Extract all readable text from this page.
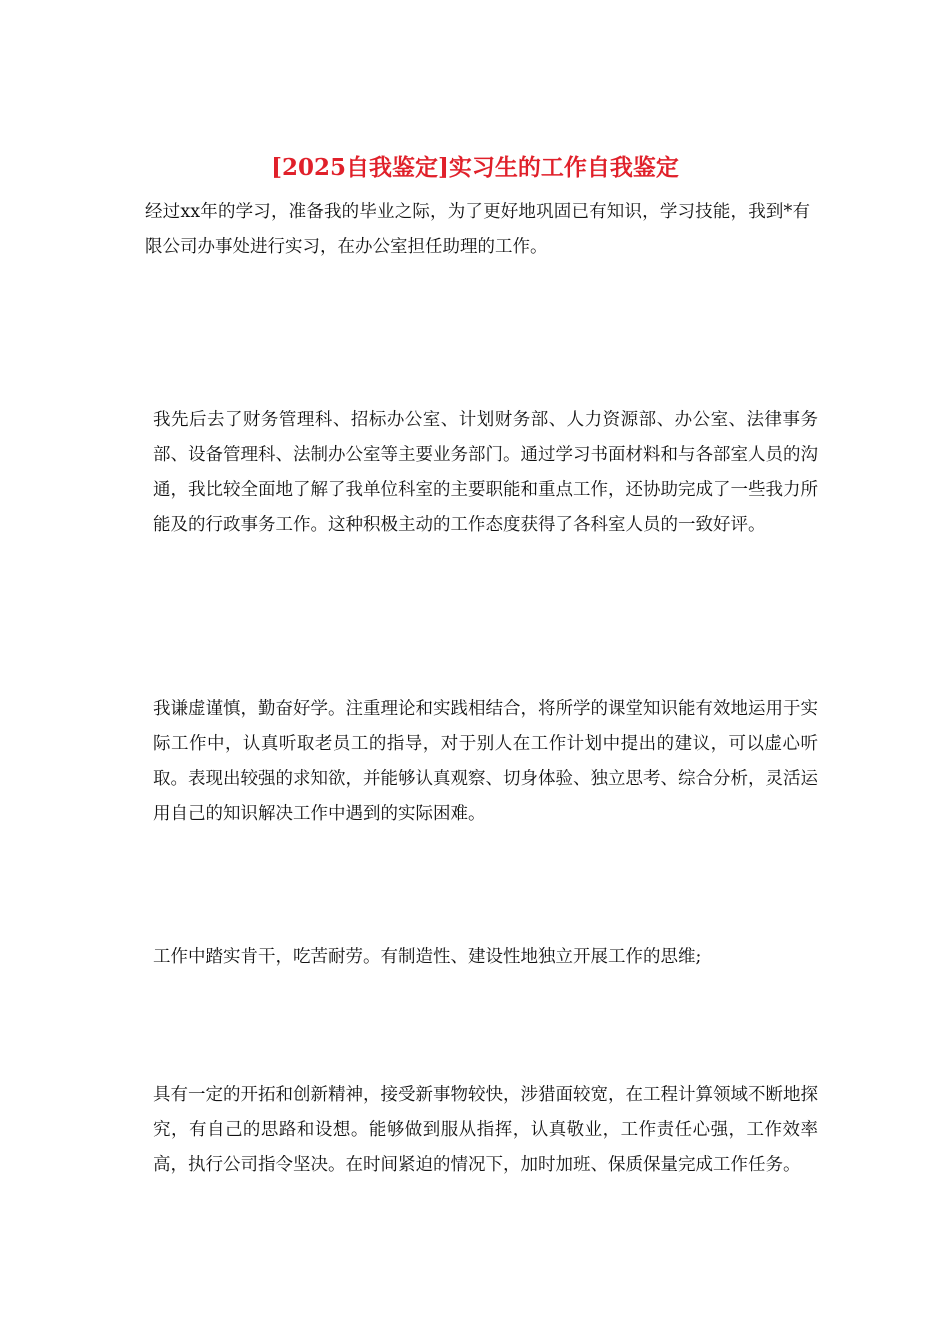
[2025自我鉴定]实习生的工作自我鉴定

经过xx年的学习，准备我的毕业之际，为了更好地巩固已有知识，学习技能，我到*有限公司办事处进行实习，在办公室担任助理的工作。

我先后去了财务管理科、招标办公室、计划财务部、人力资源部、办公室、法律事务部、设备管理科、法制办公室等主要业务部门。通过学习书面材料和与各部室人员的沟通，我比较全面地了解了我单位科室的主要职能和重点工作，还协助完成了一些我力所能及的行政事务工作。这种积极主动的工作态度获得了各科室人员的一致好评。

我谦虚谨慎，勤奋好学。注重理论和实践相结合，将所学的课堂知识能有效地运用于实际工作中，认真听取老员工的指导，对于别人在工作计划中提出的建议，可以虚心听取。表现出较强的求知欲，并能够认真观察、切身体验、独立思考、综合分析，灵活运用自己的知识解决工作中遇到的实际困难。

工作中踏实肯干，吃苦耐劳。有制造性、建设性地独立开展工作的思维;

具有一定的开拓和创新精神，接受新事物较快，涉猎面较宽，在工程计算领域不断地探究，有自己的思路和设想。能够做到服从指挥，认真敬业，工作责任心强，工作效率高，执行公司指令坚决。在时间紧迫的情况下，加时加班、保质保量完成工作任务。
